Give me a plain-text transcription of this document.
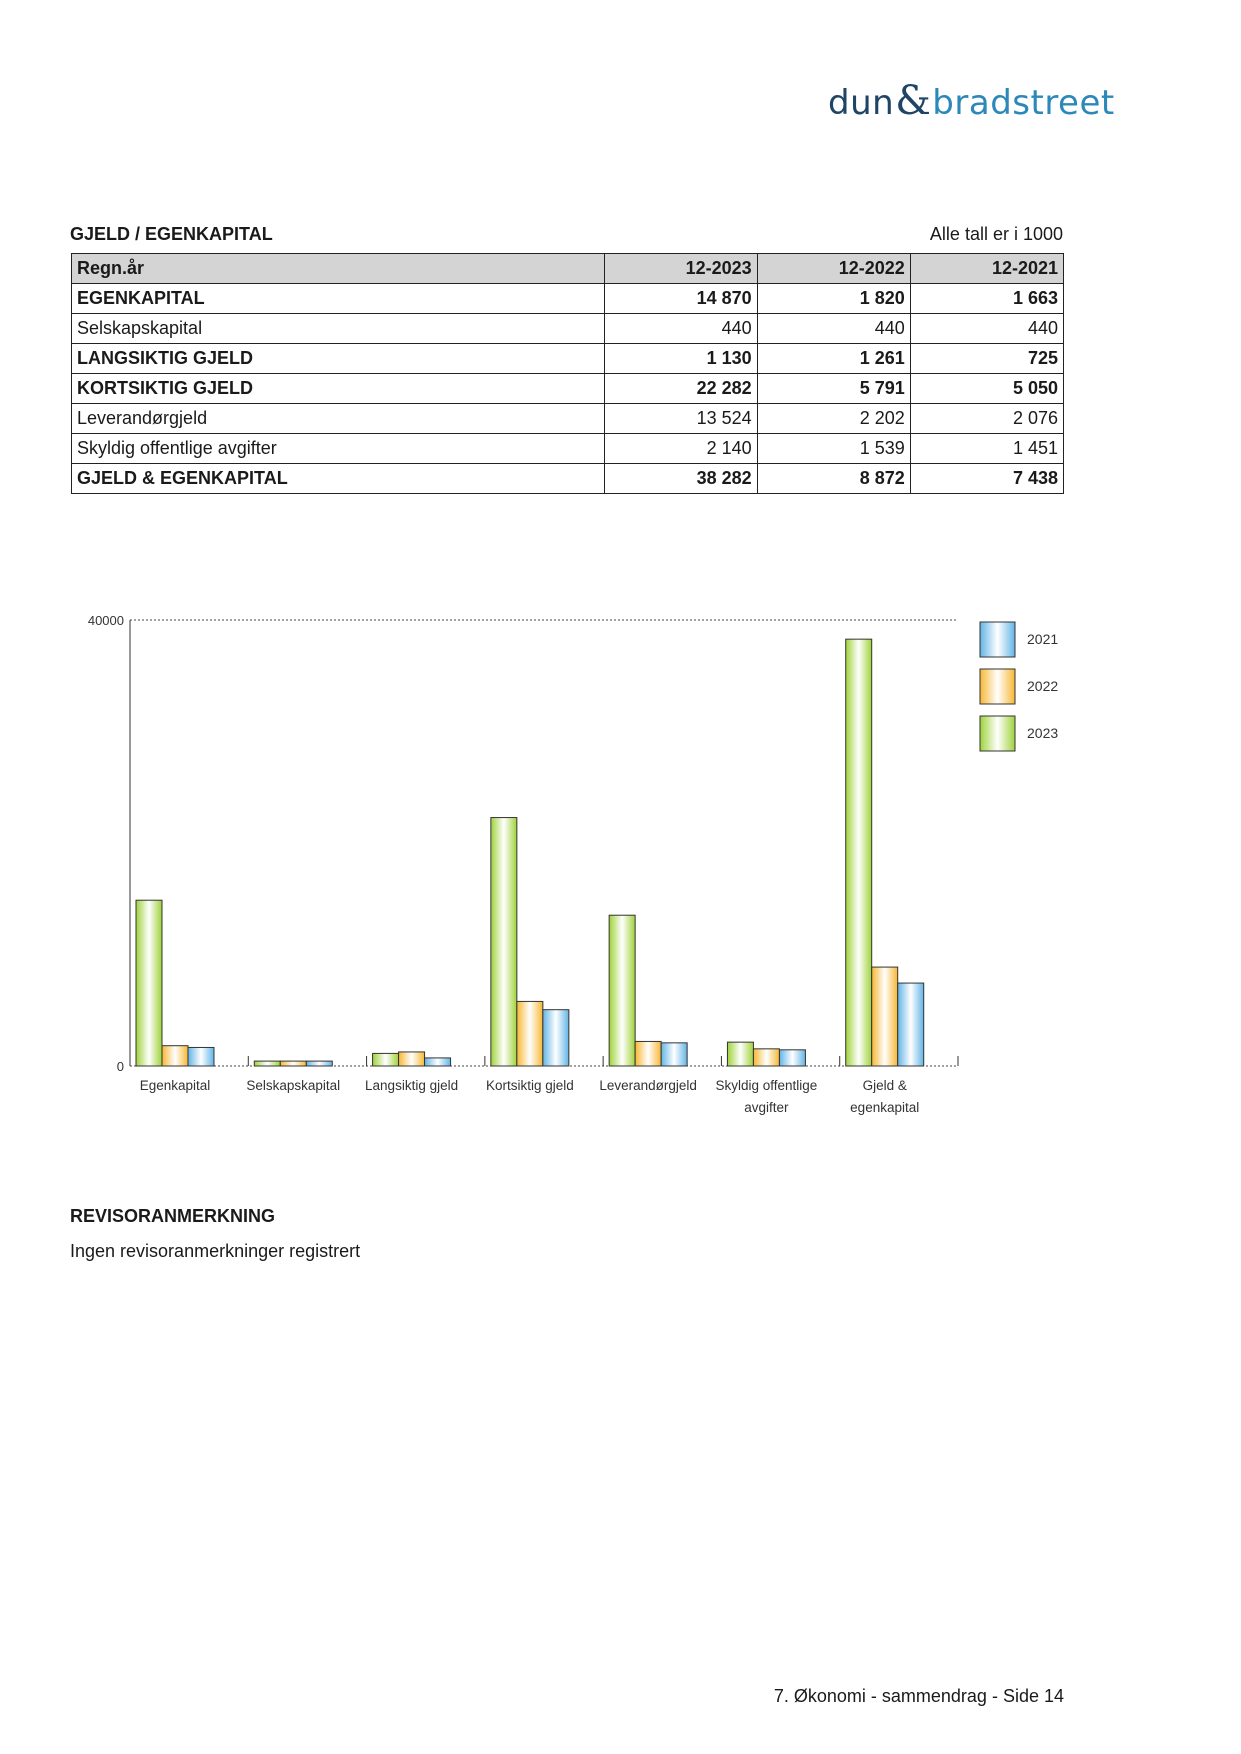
dun&bradstreet
GJELD / EGENKAPITAL	Alle tall er i 1000
Regn.år	12-2023	12-2022	12-2021
EGENKAPITAL	14 870	1 820	1 663
Selskapskapital	440	440	440
LANGSIKTIG GJELD	1 130	1 261	725
KORTSIKTIG GJELD	22 282	5 791	5 050
Leverandørgjeld	13 524	2 202	2 076
Skyldig offentlige avgifter	2 140	1 539	1 451
GJELD & EGENKAPITAL	38 282	8 872	7 438
0
40000
Egenkapital	Selskapskapital Langsiktig gjeld Kortsiktig gjeld Leverandørgjeld Skyldig offentlige
avgifter
Gjeld &
egenkapital
2021
2022
2023
REVISORANMERKNING
Ingen revisoranmerkninger registrert
7. Økonomi - sammendrag - Side 14
